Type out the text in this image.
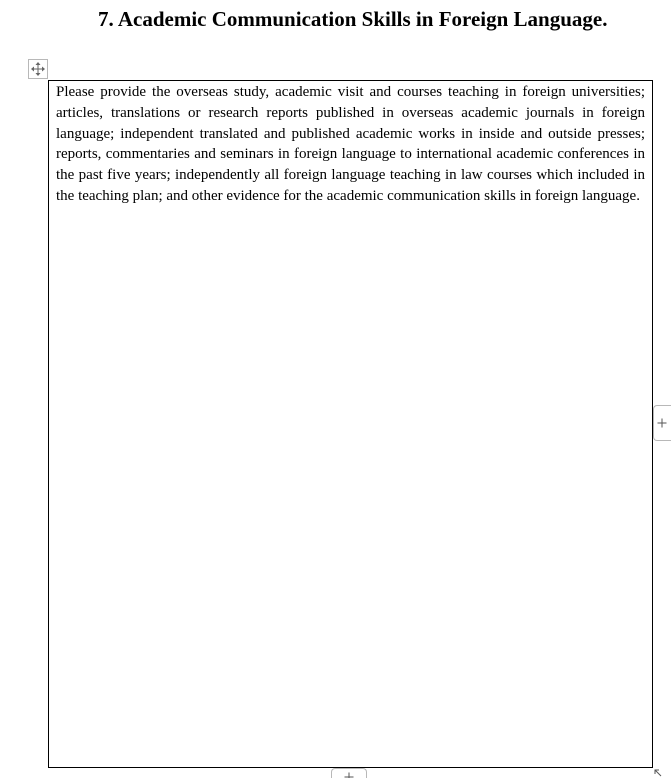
7. Academic Communication Skills in Foreign Language.
Please provide the overseas study, academic visit and courses teaching in foreign universities; articles, translations or research reports published in overseas academic journals in foreign language; independent translated and published academic works in inside and outside presses; reports, commentaries and seminars in foreign language to international academic conferences in the past five years; independently all foreign language teaching in law courses which included in the teaching plan; and other evidence for the academic communication skills in foreign language.
